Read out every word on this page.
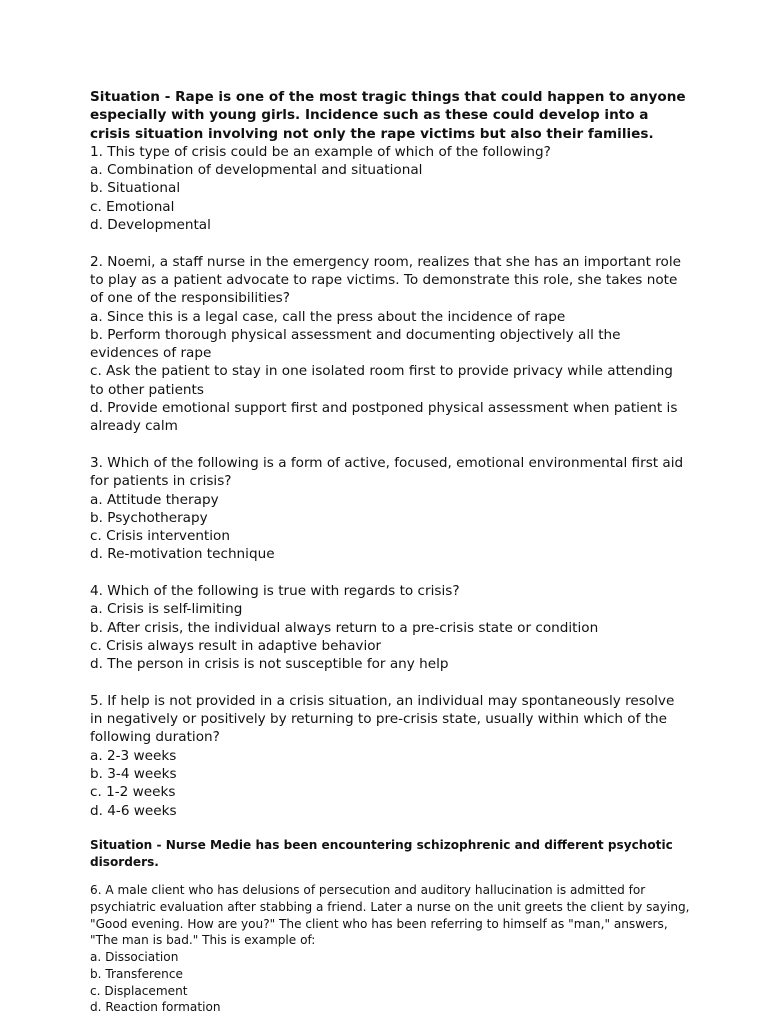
Situation - Rape is one of the most tragic things that could happen to anyone especially with young girls. Incidence such as these could develop into a crisis situation involving not only the rape victims but also their families.

1. This type of crisis could be an example of which of the following?

a. Combination of developmental and situational

b. Situational

c. Emotional

d. Developmental

2. Noemi, a staff nurse in the emergency room, realizes that she has an important role to play as a patient advocate to rape victims. To demonstrate this role, she takes note of one of the responsibilities?

a. Since this is a legal case, call the press about the incidence of rape

b. Perform thorough physical assessment and documenting objectively all the evidences of rape

c. Ask the patient to stay in one isolated room first to provide privacy while attending to other patients

d. Provide emotional support first and postponed physical assessment when patient is already calm

3. Which of the following is a form of active, focused, emotional environmental first aid for patients in crisis?

a. Attitude therapy

b. Psychotherapy

c. Crisis intervention

d. Re-motivation technique

4. Which of the following is true with regards to crisis?

a. Crisis is self-limiting

b. After crisis, the individual always return to a pre-crisis state or condition

c. Crisis always result in adaptive behavior

d. The person in crisis is not susceptible for any help

5. If help is not provided in a crisis situation, an individual may spontaneously resolve in negatively or positively by returning to pre-crisis state, usually within which of the following duration?

a. 2-3 weeks

b. 3-4 weeks

c. 1-2 weeks

d. 4-6 weeks

Situation - Nurse Medie has been encountering schizophrenic and different psychotic disorders.

6. A male client who has delusions of persecution and auditory hallucination is admitted for psychiatric evaluation after stabbing a friend. Later a nurse on the unit greets the client by saying, "Good evening. How are you?" The client who has been referring to himself as "man," answers, "The man is bad." This is example of:

a. Dissociation

b. Transference

c. Displacement

d. Reaction formation
